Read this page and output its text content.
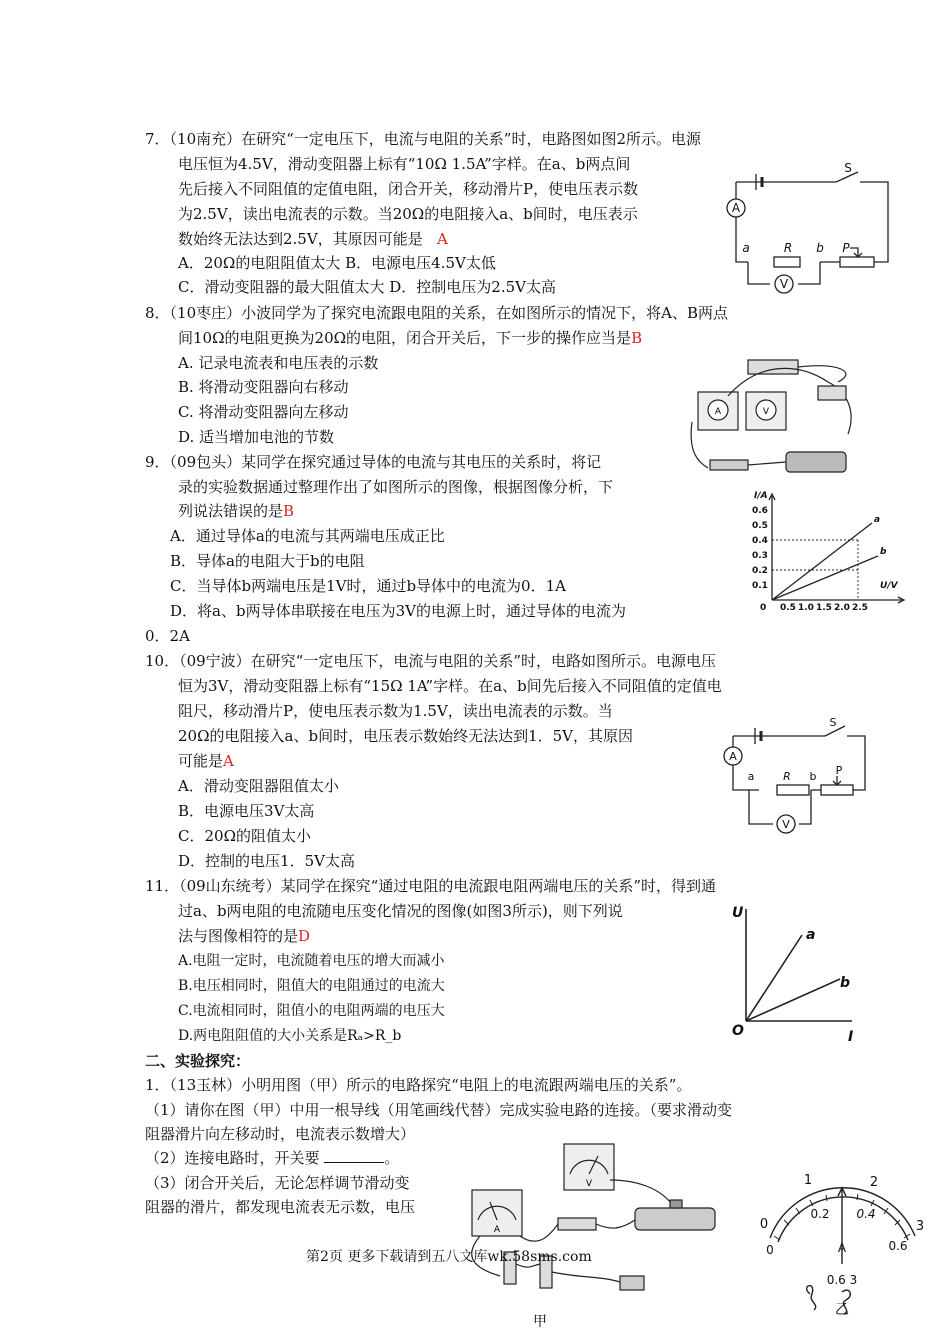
7．（10南充）在研究“一定电压下，电流与电阻的关系”时，电路图如图2所示。电源
电压恒为4.5V，滑动变阻器上标有“10Ω 1.5A”字样。在a、b两点间
先后接入不同阻值的定值电阻，闭合开关，移动滑片P，使电压表示数
为2.5V，读出电流表的示数。当20Ω的电阻接入a、b间时，电压表示
数始终无法达到2.5V，其原因可能是 A
A．20Ω的电阻阻值太大 B．电源电压4.5V太低
C．滑动变阻器的最大阻值太大 D．控制电压为2.5V太高
S
A
V
R
a	b P
8．（10枣庄）小波同学为了探究电流跟电阻的关系，在如图所示的情况下，将A、B两点
间10Ω的电阻更换为20Ω的电阻，闭合开关后，下一步的操作应当是B
A. 记录电流表和电压表的示数
B. 将滑动变阻器向右移动
C. 将滑动变阻器向左移动
D. 适当增加电池的节数
A	V
9．（09包头）某同学在探究通过导体的电流与其电压的关系时，将记
录的实验数据通过整理作出了如图所示的图像，根据图像分析，下
列说法错误的是B
A．通过导体a的电流与其两端电压成正比
B．导体a的电阻大于b的电阻
C．当导体b两端电压是1V时，通过b导体中的电流为0．1A
D．将a、b两导体串联接在电压为3V的电源上时，通过导体的电流为
0．2A
I/A
U/V
0.6
0.5
0.4
0.3
0.2
0.1
0 0.5 1.0 1.5 2.0 2.5
a
b
10．（09宁波）在研究“一定电压下，电流与电阻的关系”时，电路如图所示。电源电压
恒为3V，滑动变阻器上标有“15Ω 1A”字样。在a、b间先后接入不同阻值的定值电
阻尺，移动滑片P，使电压表示数为1.5V，读出电流表的示数。当
20Ω的电阻接入a、b间时，电压表示数始终无法达到1．5V，其原因
可能是A
A．滑动变阻器阻值太小
B．电源电压3V太高
C．20Ω的阻值太小
D．控制的电压1．5V太高
S
A
V
R
a	b P
11．（09山东统考）某同学在探究“通过电阻的电流跟电阻两端电压的关系”时，得到通
过a、b两电阻的电流随电压变化情况的图像(如图3所示)，则下列说
法与图像相符的是D
A.电阻一定时，电流随着电压的增大而减小
B.电压相同时，阻值大的电阻通过的电流大
C.电流相同时，阻值小的电阻两端的电压大
D.两电阻阻值的大小关系是Rₐ>R_b
U
I
O
a
b
二、实验探究：
1．（13玉林）小明用图（甲）所示的电路探究“电阻上的电流跟两端电压的关系”。
（1）请你在图（甲）中用一根导线（用笔画线代替）完成实验电路的连接。（要求滑动变
阻器滑片向左移动时，电流表示数增大）
（2）连接电路时，开关要	。
（3）闭合开关后，无论怎样调节滑动变
阻器的滑片，都发现电流表无示数，电压
A
V
甲
0
1	2
3
0
0.2 0.4
0.6
A
0.6 3
乙
第2页 更多下载请到五八文库wk.58sms.com
